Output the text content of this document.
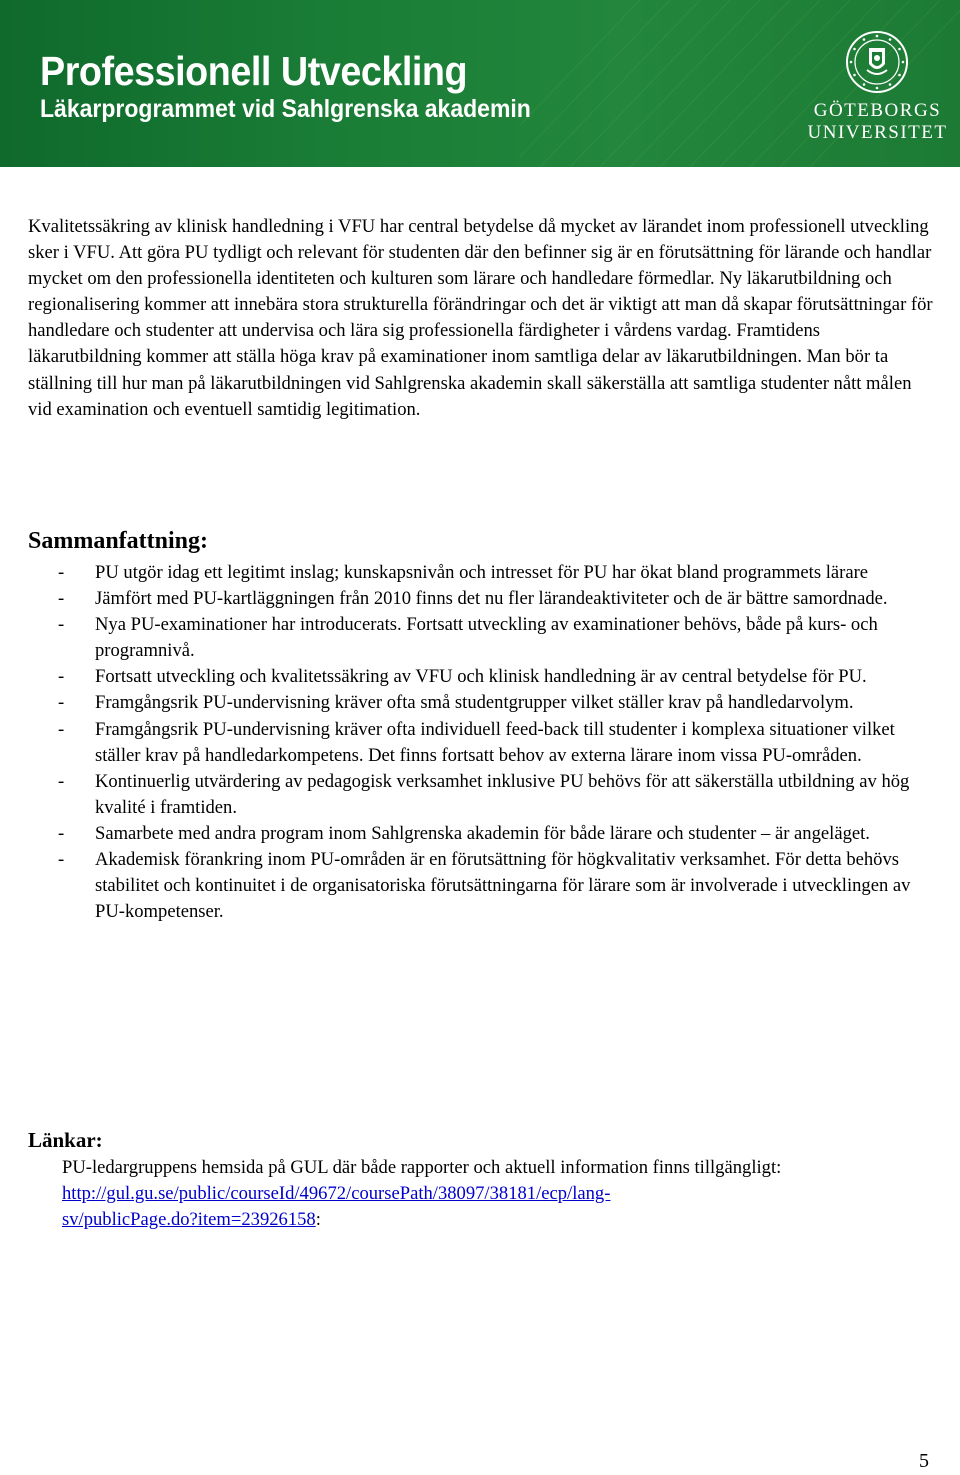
Professionell Utveckling
Läkarprogrammet vid Sahlgrenska akademin	GÖTEBORGS
UNIVERSITET

Kvalitetssäkring av klinisk handledning i VFU har central betydelse då mycket av lärandet inom professionell utveckling sker i VFU. Att göra PU tydligt och relevant för studenten där den befinner sig är en förutsättning för lärande och handlar mycket om den professionella identiteten och kulturen som lärare och handledare förmedlar. Ny läkarutbildning och regionalisering kommer att innebära stora strukturella förändringar och det är viktigt att man då skapar förutsättningar för handledare och studenter att undervisa och lära sig professionella färdigheter i vårdens vardag. Framtidens läkarutbildning kommer att ställa höga krav på examinationer inom samtliga delar av läkarutbildningen. Man bör ta ställning till hur man på läkarutbildningen vid Sahlgrenska akademin skall säkerställa att samtliga studenter nått målen vid examination och eventuell samtidig legitimation.

Sammanfattning:
- PU utgör idag ett legitimt inslag; kunskapsnivån och intresset för PU har ökat bland programmets lärare
- Jämfört med PU-kartläggningen från 2010 finns det nu fler lärandeaktiviteter och de är bättre samordnade.
- Nya PU-examinationer har introducerats. Fortsatt utveckling av examinationer behövs, både på kurs- och programnivå.
- Fortsatt utveckling och kvalitetssäkring av VFU och klinisk handledning är av central betydelse för PU.
- Framgångsrik PU-undervisning kräver ofta små studentgrupper vilket ställer krav på handledarvolym.
- Framgångsrik PU-undervisning kräver ofta individuell feed-back till studenter i komplexa situationer vilket ställer krav på handledarkompetens. Det finns fortsatt behov av externa lärare inom vissa PU-områden.
- Kontinuerlig utvärdering av pedagogisk verksamhet inklusive PU behövs för att säkerställa utbildning av hög kvalité i framtiden.
- Samarbete med andra program inom Sahlgrenska akademin för både lärare och studenter – är angeläget.
- Akademisk förankring inom PU-områden är en förutsättning för högkvalitativ verksamhet. För detta behövs stabilitet och kontinuitet i de organisatoriska förutsättningarna för lärare som är involverade i utvecklingen av PU-kompetenser.
Länkar:
PU-ledargruppens hemsida på GUL där både rapporter och aktuell information finns tillgängligt:
http://gul.gu.se/public/courseId/49672/coursePath/38097/38181/ecp/lang-
sv/publicPage.do?item=23926158:
5
